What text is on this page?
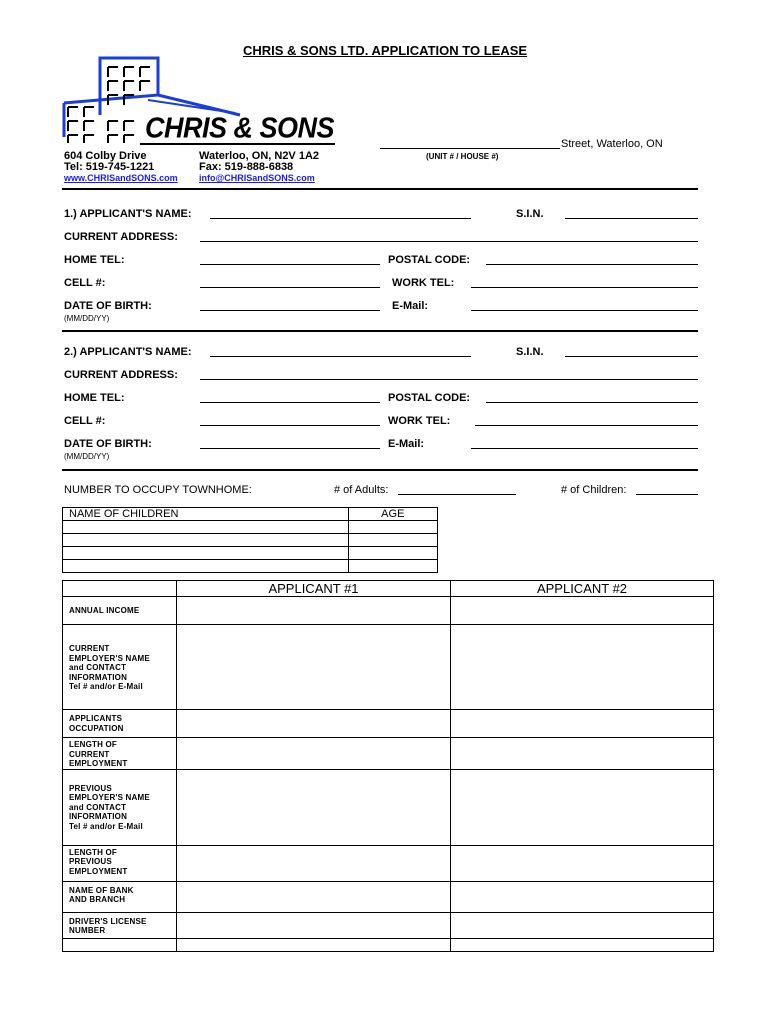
CHRIS & SONS LTD. APPLICATION TO LEASE
CHRIS & SONS
604 Colby Drive	Waterloo, ON, N2V 1A2
Tel: 519-745-1221	Fax: 519-888-6838
www.CHRISandSONS.com info@CHRISandSONS.com
Street, Waterloo, ON
(UNIT # / HOUSE #)
1.) APPLICANT'S NAME:	S.I.N.
CURRENT ADDRESS:
HOME TEL:	POSTAL CODE:
CELL #:	WORK TEL:
DATE OF BIRTH:	E-Mail:
(MM/DD/YY)
2.) APPLICANT'S NAME:	S.I.N.
CURRENT ADDRESS:
HOME TEL:	POSTAL CODE:
CELL #:	WORK TEL:
DATE OF BIRTH:	E-Mail:
(MM/DD/YY)
NUMBER TO OCCUPY TOWNHOME:	# of Adults:	# of Children:
NAME OF CHILDREN	AGE

	APPLICANT #1	APPLICANT #2
ANNUAL INCOME		

CURRENT
EMPLOYER'S NAME
and CONTACT
INFORMATION
Tel # and/or E-Mail		

APPLICANTS
OCCUPATION		

LENGTH OF
CURRENT
EMPLOYMENT		

PREVIOUS
EMPLOYER'S NAME
and CONTACT
INFORMATION
Tel # and/or E-Mail		

LENGTH OF
PREVIOUS
EMPLOYMENT		

NAME OF BANK
AND BRANCH		

DRIVER'S LICENSE
NUMBER		
